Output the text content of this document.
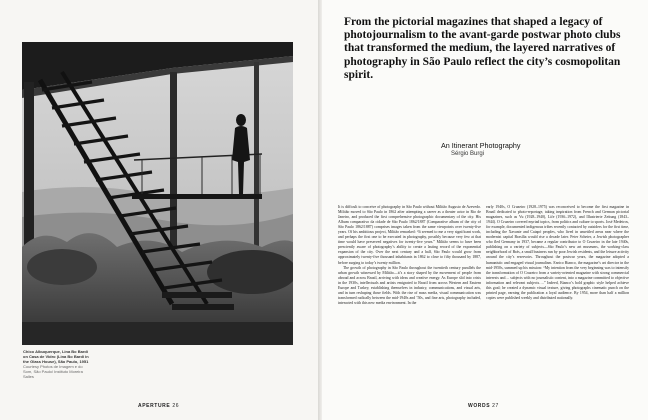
Chico Albuquerque, Lina Bo Bardi on Casa de Vidro (Lina Bo Bardi in the Glass House), São Paulo, 1951
Courtesy Photos de Imagem e do Som, São Paulo/ Instituto Moreira Salles
APERTURE 26
From the pictorial magazines that shaped a legacy of photojournalism to the avant-garde postwar photo clubs that transformed the medium, the layered narratives of photography in São Paulo reflect the city’s cosmopolitan spirit.
An Itinerant Photography
Sérgio Burgi

It is difficult to conceive of photography in São Paulo without Militão Augusto de Azevedo. Militão moved to São Paulo in 1862 after attempting a career as a theater actor in Rio de Janeiro, and produced the first comprehensive photographic documentary of the city. His Album comparativo da cidade de São Paulo 1862/1887 (Comparative album of the city of São Paulo 1862/1887) comprises images taken from the same viewpoints over twenty-five years. Of his ambitious project, Militão remarked: “It seemed to me a very significant work, and perhaps the first one to be executed in photography, possibly because very few at that time would have preserved negatives for twenty-five years.” Militão seems to have been presciently aware of photography’s ability to create a lasting record of the exponential expansion of the city. Over the next century and a half, São Paulo would grow from approximately twenty-five thousand inhabitants in 1862 to close to fifty thousand by 1887, before surging to today’s twenty million.

The growth of photography in São Paulo throughout the twentieth century parallels the urban growth witnessed by Militão—it’s a story shaped by the movement of people from abroad and across Brazil, arriving with ideas and creative energy. As Europe slid into crisis in the 1930s, intellectuals and artists emigrated to Brazil from across Western and Eastern Europe and Turkey, establishing themselves in industry, communications, and visual arts, and in turn reshaping those fields. With the rise of mass media, visual communication was transformed radically between the mid-1940s and ’50s, and fine arts, photography included, interacted with this new media environment. In the

early 1940s, O Cruzeiro (1928–1975) was reconceived to become the first magazine in Brazil dedicated to photo-reportage, taking inspiration from French and German pictorial magazines, such as Vu (1928–1940), Life (1936–1972), and Illustrierte Zeitung (1843–1944). O Cruzeiro covered myriad topics, from politics and culture to sports. José Medeiros, for example, documented indigenous tribes recently contacted by outsiders for the first time, including the Xavante and Caiapó peoples, who lived in unsettled areas near where the modernist capital Brasília would rise a decade later. Peter Scheier, a Jewish photographer who fled Germany in 1937, became a regular contributor to O Cruzeiro in the late 1940s, publishing on a variety of subjects—São Paulo’s new art museums, the working-class neighborhood of Brás, a small business run by poor Jewish residents, and the leisure activity around the city’s reservoirs. Throughout the postwar years, the magazine adopted a humanistic and engaged visual journalism. Enrico Bianco, the magazine’s art director in the mid-1950s, summed up his mission: “My intention from the very beginning was to intensify the transformation of O Cruzeiro from a variety-oriented magazine with strong commercial interests and… subjects with no journalistic content, into a magazine committed to objective information and relevant subjects….” Indeed, Bianco’s bold graphic style helped achieve this goal; he created a dynamic visual texture, giving photographs cinematic punch on the printed page, earning the publication a loyal audience. By 1954, more than half a million copies were published weekly and distributed nationally.

WORDS 27
